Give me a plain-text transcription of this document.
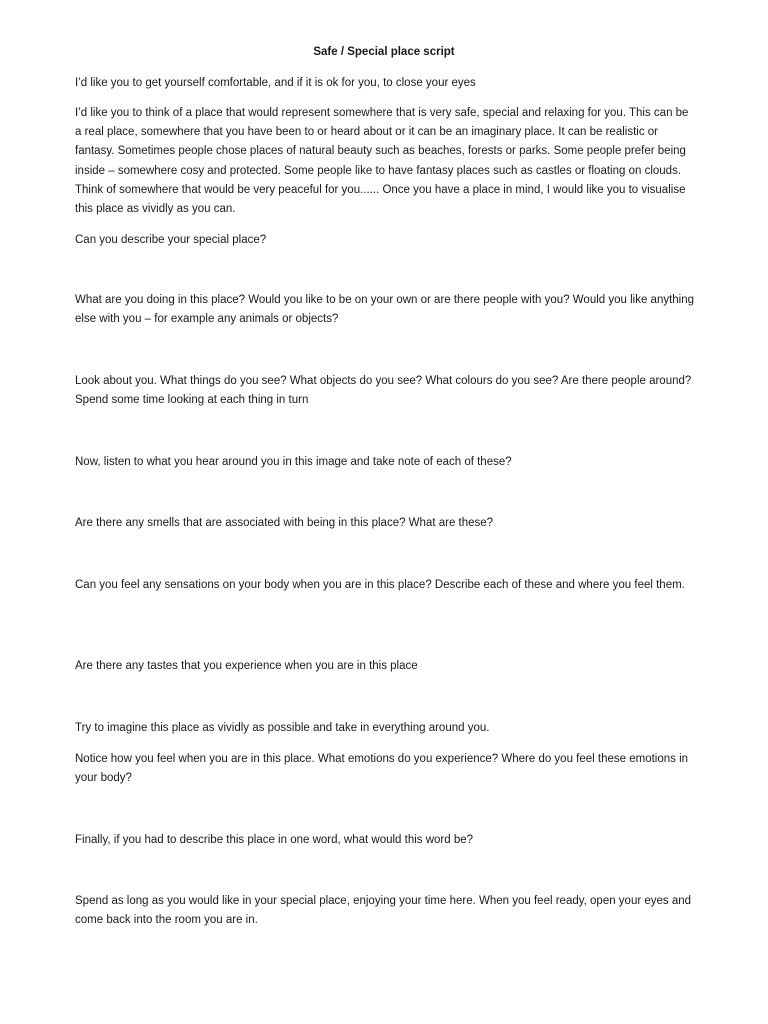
Safe / Special place script

I’d like you to get yourself comfortable, and if it is ok for you, to close your eyes

I’d like you to think of a place that would represent somewhere that is very safe, special and relaxing for you. This can be a real place, somewhere that you have been to or heard about or it can be an imaginary place. It can be realistic or fantasy. Sometimes people chose places of natural beauty such as beaches, forests or parks. Some people prefer being inside – somewhere cosy and protected. Some people like to have fantasy places such as castles or floating on clouds. Think of somewhere that would be very peaceful for you...... Once you have a place in mind, I would like you to visualise this place as vividly as you can.

Can you describe your special place?

What are you doing in this place? Would you like to be on your own or are there people with you? Would you like anything else with you – for example any animals or objects?

Look about you. What things do you see? What objects do you see? What colours do you see? Are there people around? Spend some time looking at each thing in turn

Now, listen to what you hear around you in this image and take note of each of these?

Are there any smells that are associated with being in this place? What are these?

Can you feel any sensations on your body when you are in this place? Describe each of these and where you feel them.

Are there any tastes that you experience when you are in this place

Try to imagine this place as vividly as possible and take in everything around you.

Notice how you feel when you are in this place. What emotions do you experience? Where do you feel these emotions in your body?

Finally, if you had to describe this place in one word, what would this word be?

Spend as long as you would like in your special place, enjoying your time here. When you feel ready, open your eyes and come back into the room you are in.
